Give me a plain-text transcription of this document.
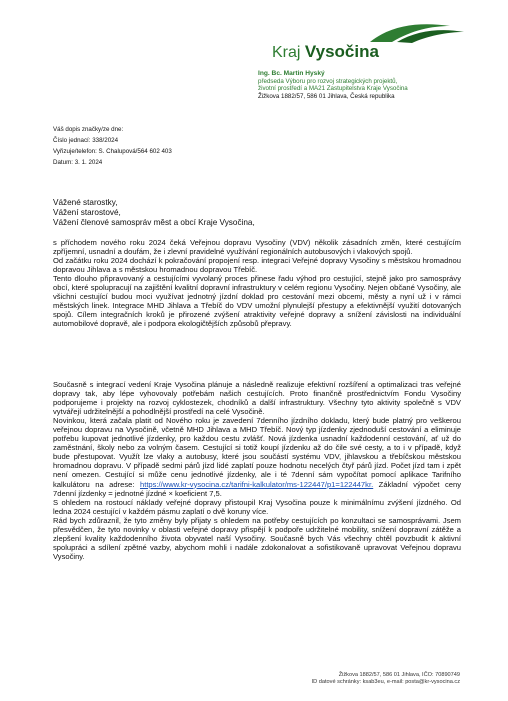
Kraj Vysočina
Ing. Bc. Martin Hyský
předseda Výboru pro rozvoj strategických projektů,
životní prostředí a MA21 Zastupitelstva Kraje Vysočina
Žižkova 1882/57, 586 01 Jihlava, Česká republika
Váš dopis značky/ze dne:
Číslo jednací: 338/2024
Vyřizuje/telefon: S. Chalupová/564 602 403
Datum: 3. 1. 2024
Vážené starostky,
Vážení starostové,
Vážení členové samospráv měst a obcí Kraje Vysočina,

s příchodem nového roku 2024 čeká Veřejnou dopravu Vysočiny (VDV) několik zásadních změn, které cestujícím zpříjemní, usnadní a doufám, že i zlevní pravidelné využívání regionálních autobusových i vlakových spojů.

Od začátku roku 2024 dochází k pokračování propojení resp. integraci Veřejné dopravy Vysočiny s městskou hromadnou dopravou Jihlava a s městskou hromadnou dopravou Třebíč.

Tento dlouho připravovaný a cestujícími vyvolaný proces přinese řadu výhod pro cestující, stejně jako pro samosprávy obcí, které spolupracují na zajištění kvalitní dopravní infrastruktury v celém regionu Vysočiny. Nejen občané Vysočiny, ale všichni cestující budou moci využívat jednotný jízdní doklad pro cestování mezi obcemi, městy a nyní už i v rámci městských linek. Integrace MHD Jihlava a Třebíč do VDV umožní plynulejší přestupy a efektivnější využití dotovaných spojů. Cílem integračních kroků je přirozené zvýšení atraktivity veřejné dopravy a snížení závislosti na individuální automobilové dopravě, ale i podpora ekologičtějších způsobů přepravy.

Současně s integrací vedení Kraje Vysočina plánuje a následně realizuje efektivní rozšíření a optimalizaci tras veřejné dopravy tak, aby lépe vyhovovaly potřebám našich cestujících. Proto finančně prostřednictvím Fondu Vysočiny podporujeme i projekty na rozvoj cyklostezek, chodníků a další infrastruktury. Všechny tyto aktivity společně s VDV vytvářejí udržitelnější a pohodlnější prostředí na celé Vysočině.

Novinkou, která začala platit od Nového roku je zavedení 7denního jízdního dokladu, který bude platný pro veškerou veřejnou dopravu na Vysočině, včetně MHD Jihlava a MHD Třebíč. Nový typ jízdenky zjednoduší cestování a eliminuje potřebu kupovat jednotlivé jízdenky, pro každou cestu zvlášť. Nová jízdenka usnadní každodenní cestování, ať už do zaměstnání, školy nebo za volným časem. Cestující si totiž koupí jízdenku až do čile své cesty, a to i v případě, když bude přestupovat. Využít lze vlaky a autobusy, které jsou součástí systému VDV, jihlavskou a třebíčskou městskou hromadnou dopravu. V případě sedmi párů jízd lidé zaplatí pouze hodnotu necelých čtyř párů jízd. Počet jízd tam i zpět není omezen. Cestující si může cenu jednotlivé jízdenky, ale i té 7denní sám vypočítat pomocí aplikace Tarifního kalkulátoru na adrese: https://www.kr-vysocina.cz/tarifni-kalkulator/ms-122447/p1=122447kr. Základní výpočet ceny 7denní jízdenky = jednotné jízdné × koeficient 7,5.

S ohledem na rostoucí náklady veřejné dopravy přistoupil Kraj Vysočina pouze k minimálnímu zvýšení jízdného. Od ledna 2024 cestující v každém pásmu zaplatí o dvě koruny více.

Rád bych zdůraznil, že tyto změny byly přijaty s ohledem na potřeby cestujících po konzultaci se samosprávami. Jsem přesvědčen, že tyto novinky v oblasti veřejné dopravy přispějí k podpoře udržitelné mobility, snížení dopravní zátěže a zlepšení kvality každodenního života obyvatel naší Vysočiny. Současně bych Vás všechny chtěl povzbudit k aktivní spolupráci a sdílení zpětné vazby, abychom mohli i nadále zdokonalovat a sofistikovaně upravovat Veřejnou dopravu Vysočiny.

Žižkova 1882/57, 586 01 Jihlava, IČO: 70890749
ID datové schránky: ksab3eu, e-mail: posta@kr-vysocina.cz
